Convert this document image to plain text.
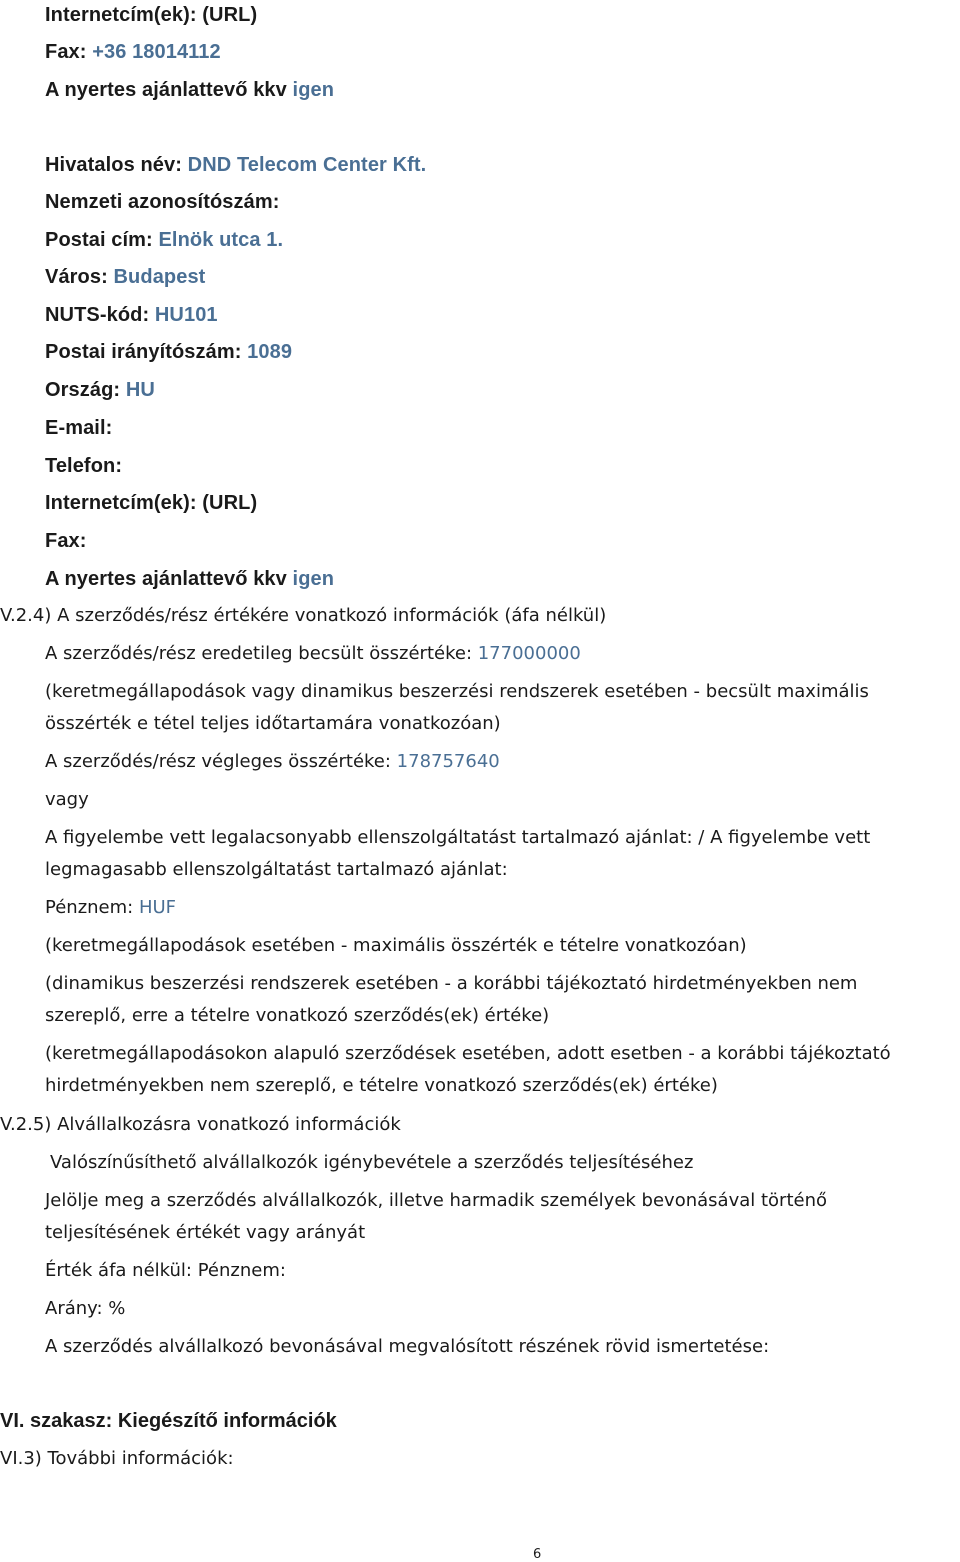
Internetcím(ek): (URL)
Fax: +36 18014112
A nyertes ajánlattevő kkv igen
Hivatalos név: DND Telecom Center Kft.
Nemzeti azonosítószám:
Postai cím: Elnök utca 1.
Város: Budapest
NUTS-kód: HU101
Postai irányítószám: 1089
Ország: HU
E-mail:
Telefon:
Internetcím(ek): (URL)
Fax:
A nyertes ajánlattevő kkv igen
V.2.4) A szerződés/rész értékére vonatkozó információk (áfa nélkül)
A szerződés/rész eredetileg becsült összértéke: 177000000
(keretmegállapodások vagy dinamikus beszerzési rendszerek esetében - becsült maximális
összérték e tétel teljes időtartamára vonatkozóan)
A szerződés/rész végleges összértéke: 178757640
vagy
A figyelembe vett legalacsonyabb ellenszolgáltatást tartalmazó ajánlat: / A figyelembe vett
legmagasabb ellenszolgáltatást tartalmazó ajánlat:
Pénznem: HUF
(keretmegállapodások esetében - maximális összérték e tételre vonatkozóan)
(dinamikus beszerzési rendszerek esetében - a korábbi tájékoztató hirdetményekben nem
szereplő, erre a tételre vonatkozó szerződés(ek) értéke)
(keretmegállapodásokon alapuló szerződések esetében, adott esetben - a korábbi tájékoztató
hirdetményekben nem szereplő, e tételre vonatkozó szerződés(ek) értéke)
V.2.5) Alvállalkozásra vonatkozó információk
Valószínűsíthető alvállalkozók igénybevétele a szerződés teljesítéséhez
Jelölje meg a szerződés alvállalkozók, illetve harmadik személyek bevonásával történő
teljesítésének értékét vagy arányát
Érték áfa nélkül: Pénznem:
Arány: %
A szerződés alvállalkozó bevonásával megvalósított részének rövid ismertetése:
VI. szakasz: Kiegészítő információk
VI.3) További információk:
6
